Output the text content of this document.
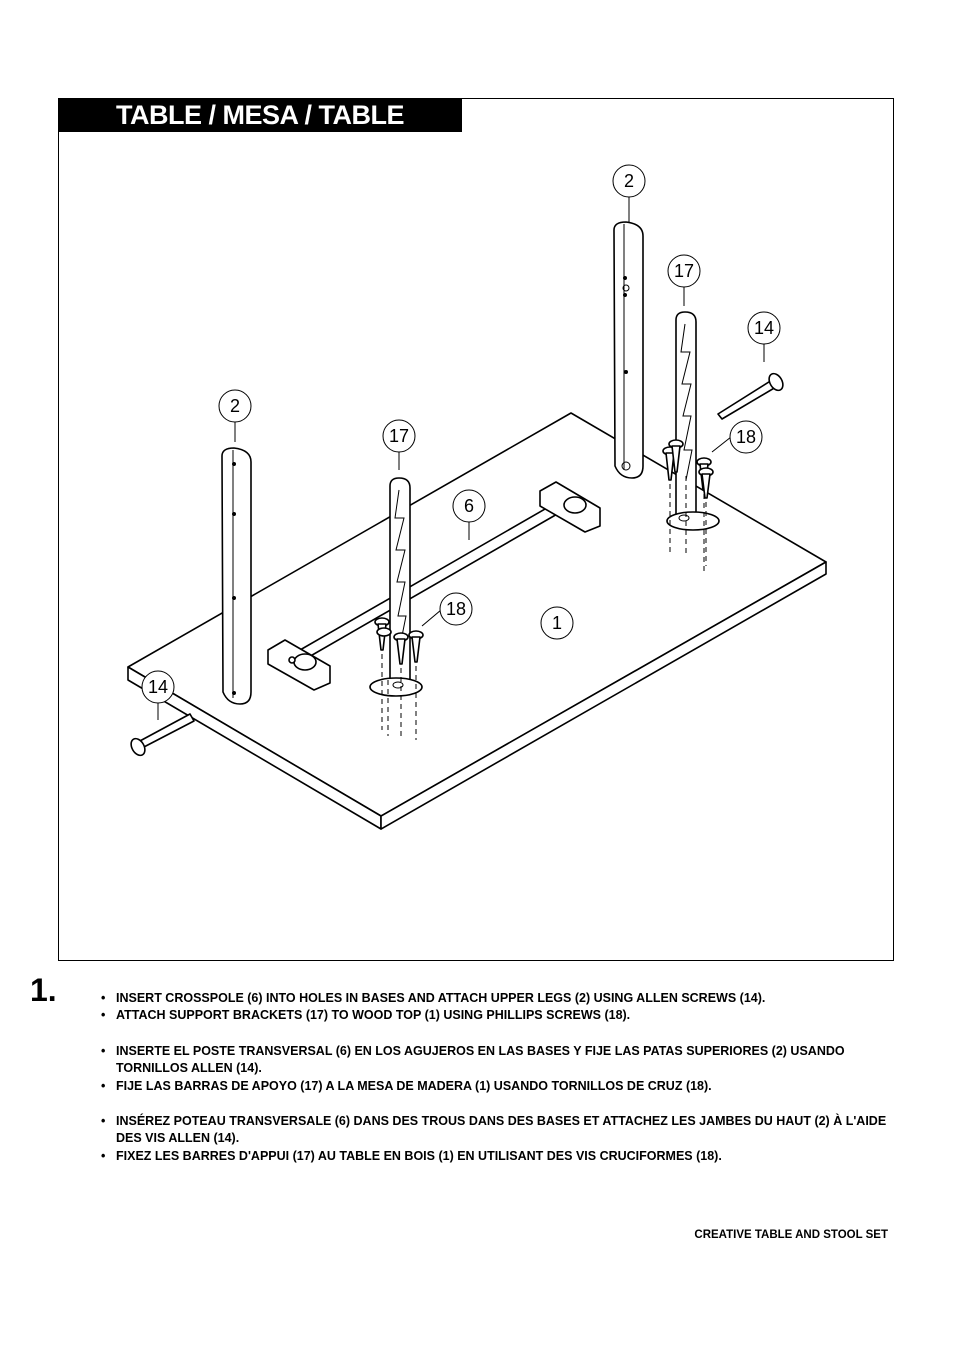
TABLE / MESA / TABLE
2
17
14
18
2
17
6
18
1
14
1.	• INSERT CROSSPOLE (6) INTO HOLES IN BASES AND ATTACH UPPER LEGS (2) USING ALLEN SCREWS (14).
• ATTACH SUPPORT BRACKETS (17) TO WOOD TOP (1) USING PHILLIPS SCREWS (18).
• INSERTE EL POSTE TRANSVERSAL (6) EN LOS AGUJEROS EN LAS BASES Y FIJE LAS PATAS SUPERIORES (2) USANDO TORNILLOS ALLEN (14).
• FIJE LAS BARRAS DE APOYO (17) A LA MESA DE MADERA (1) USANDO TORNILLOS DE CRUZ (18).
• INSÉREZ POTEAU TRANSVERSALE (6) DANS DES TROUS DANS DES BASES ET ATTACHEZ LES JAMBES DU HAUT (2) À L'AIDE DES VIS ALLEN (14).
• FIXEZ LES BARRES D'APPUI (17) AU TABLE EN BOIS (1) EN UTILISANT DES VIS CRUCIFORMES (18).
CREATIVE TABLE AND STOOL SET
